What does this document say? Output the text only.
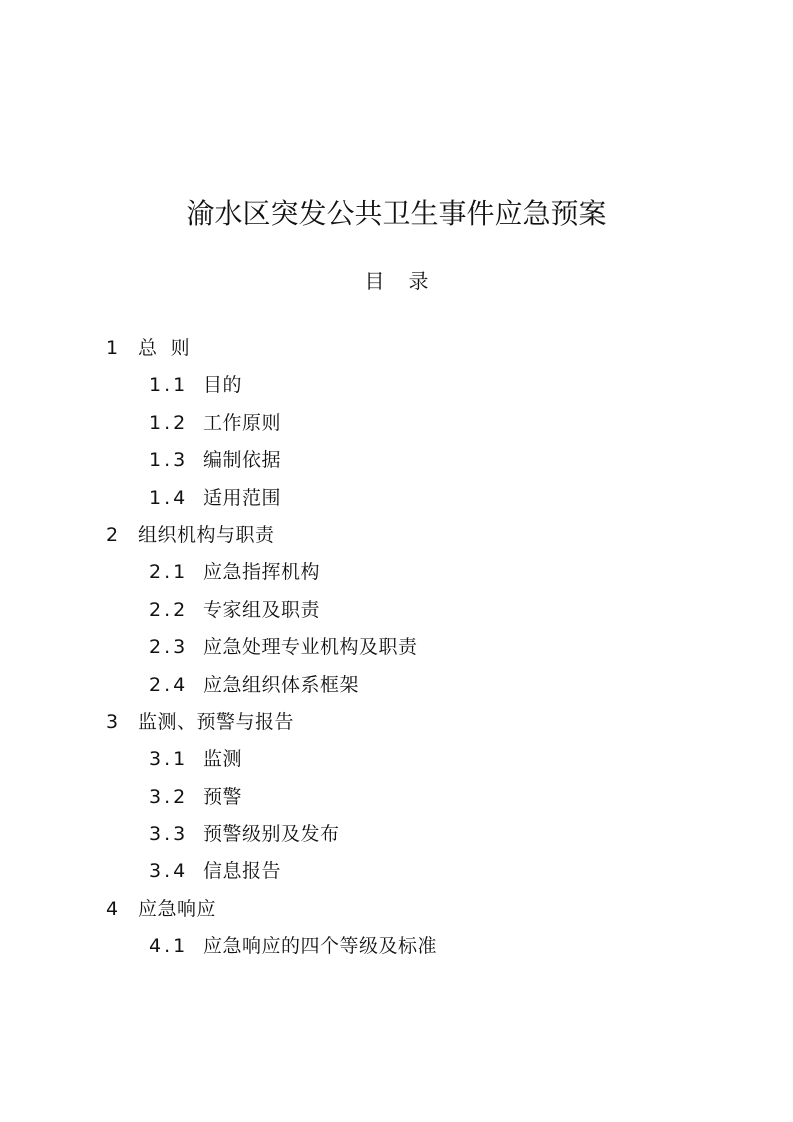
渝水区突发公共卫生事件应急预案
目 录
1 总  则
1.1 目的
1.2 工作原则
1.3 编制依据
1.4 适用范围
2 组织机构与职责
2.1 应急指挥机构
2.2 专家组及职责
2.3 应急处理专业机构及职责
2.4 应急组织体系框架
3 监测、预警与报告
3.1 监测
3.2 预警
3.3 预警级别及发布
3.4 信息报告
4 应急响应
4.1 应急响应的四个等级及标准
